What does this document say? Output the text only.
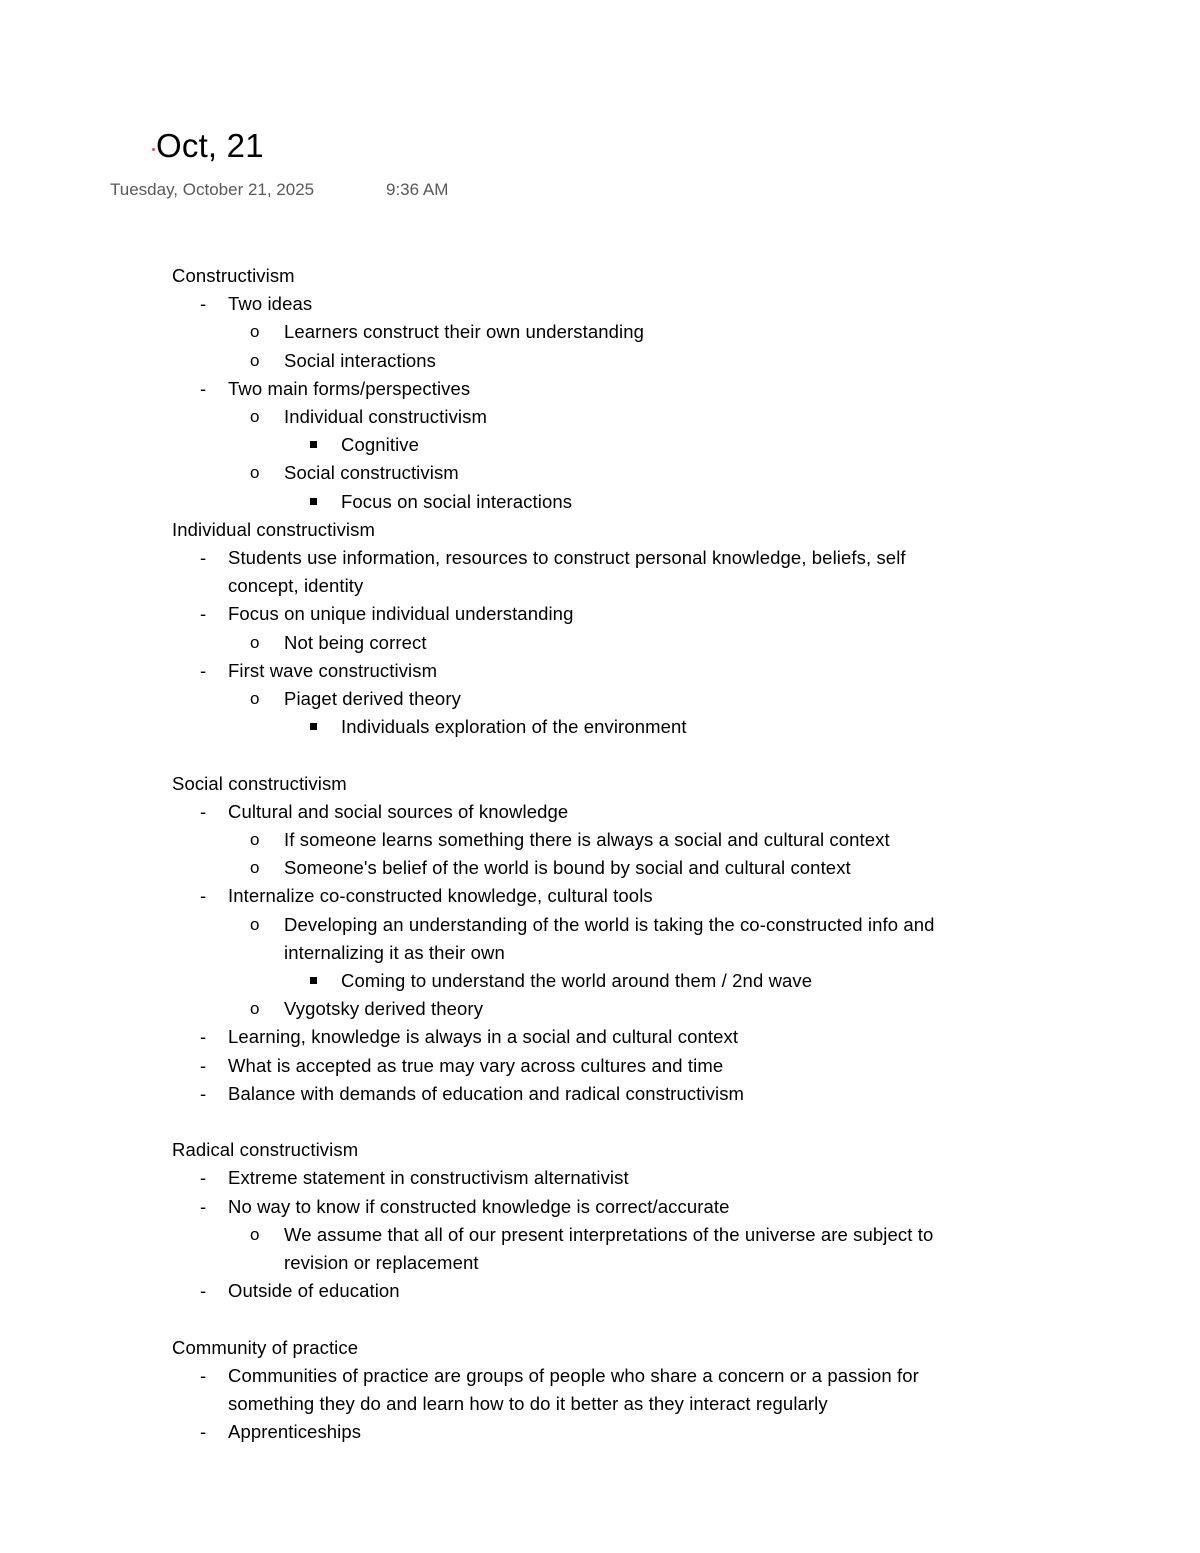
Oct, 21
Tuesday, October 21, 2025	9:36 AM
Constructivism
- Two ideas
o Learners construct their own understanding
o Social interactions
- Two main forms/perspectives
o Individual constructivism
Cognitive
o Social constructivism
Focus on social interactions
Individual constructivism
- Students use information, resources to construct personal knowledge, beliefs, self
concept, identity
- Focus on unique individual understanding
o Not being correct
- First wave constructivism
o Piaget derived theory
Individuals exploration of the environment
Social constructivism
- Cultural and social sources of knowledge
o If someone learns something there is always a social and cultural context
o Someone's belief of the world is bound by social and cultural context
- Internalize co-constructed knowledge, cultural tools
o Developing an understanding of the world is taking the co-constructed info and
internalizing it as their own
Coming to understand the world around them / 2nd wave
o Vygotsky derived theory
- Learning, knowledge is always in a social and cultural context
- What is accepted as true may vary across cultures and time
- Balance with demands of education and radical constructivism
Radical constructivism
- Extreme statement in constructivism alternativist
- No way to know if constructed knowledge is correct/accurate
o We assume that all of our present interpretations of the universe are subject to
revision or replacement
- Outside of education
Community of practice
- Communities of practice are groups of people who share a concern or a passion for
something they do and learn how to do it better as they interact regularly
- Apprenticeships
